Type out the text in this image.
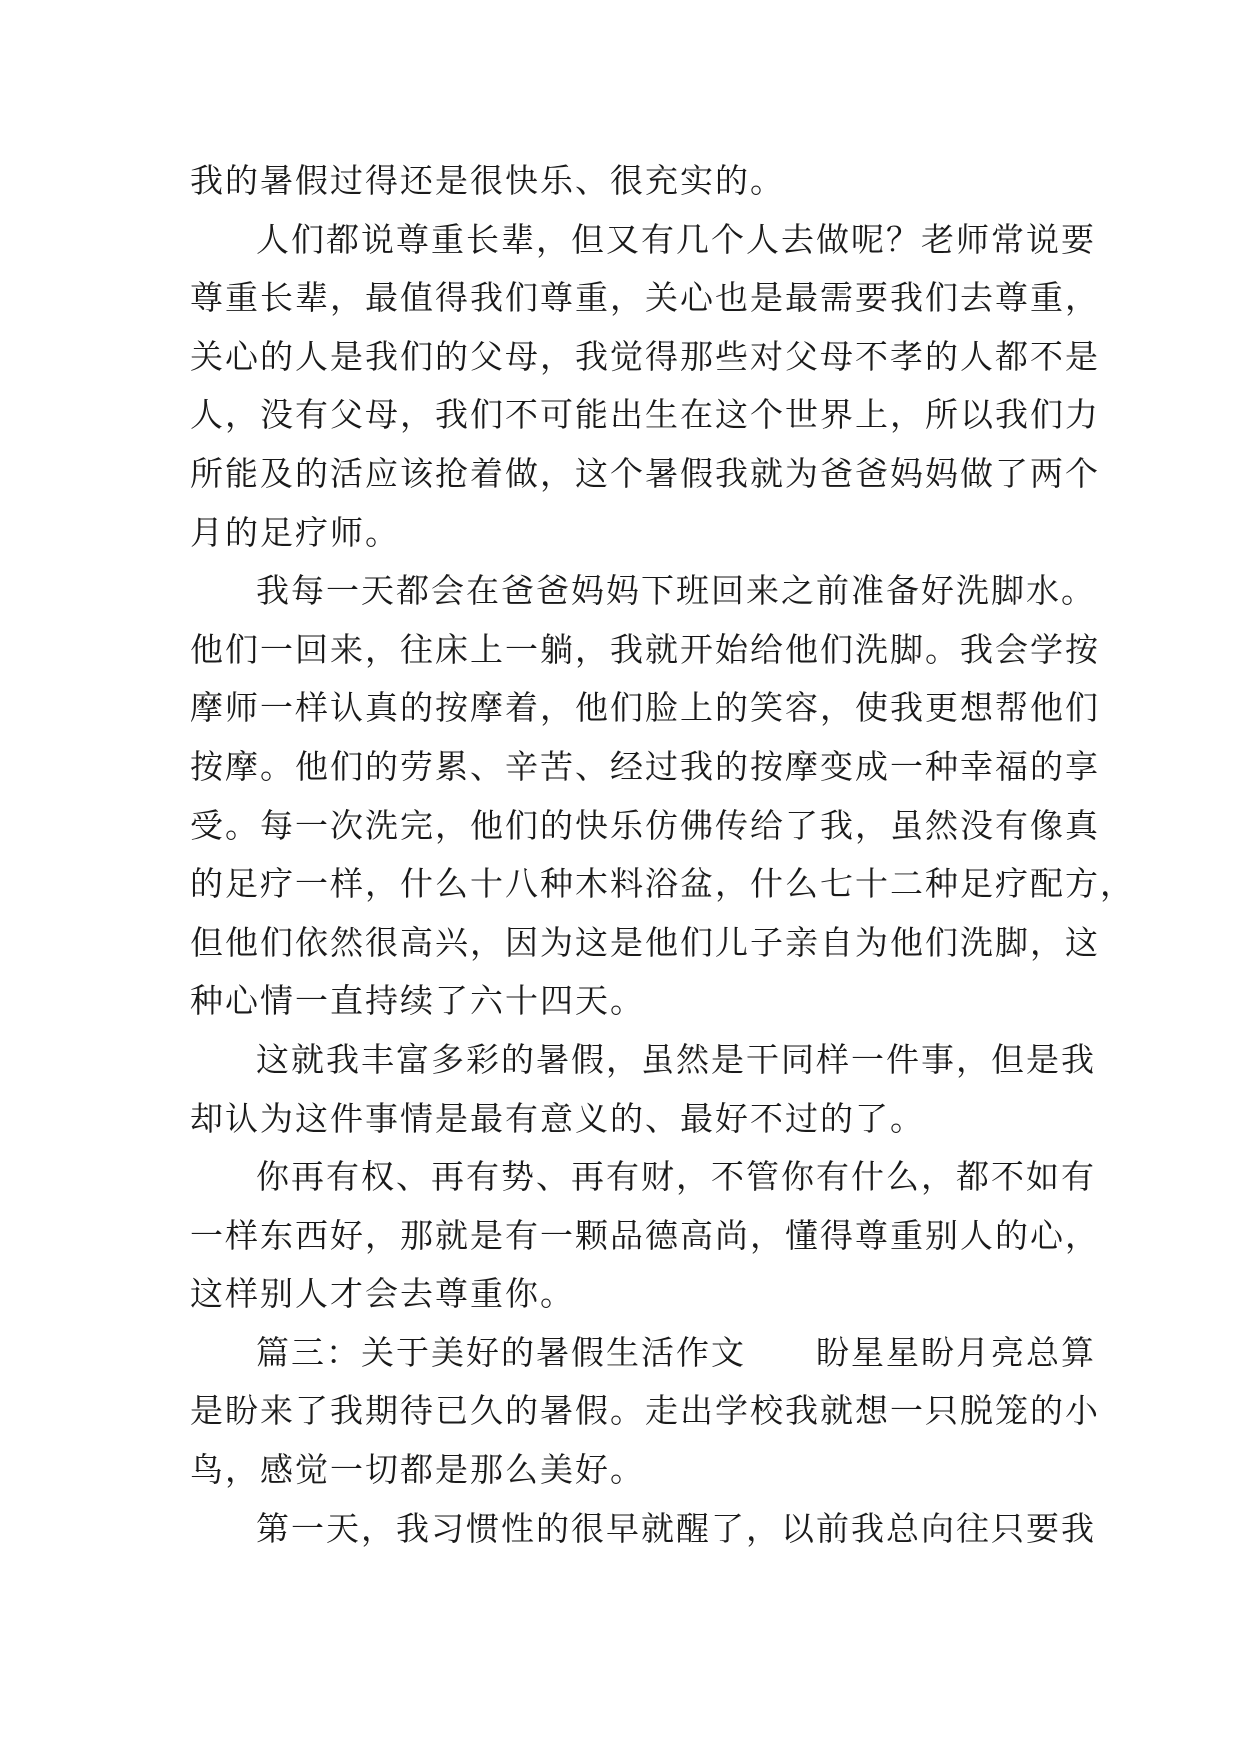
我的暑假过得还是很快乐、很充实的。
人们都说尊重长辈，但又有几个人去做呢？老师常说要
尊重长辈，最值得我们尊重，关心也是最需要我们去尊重，
关心的人是我们的父母，我觉得那些对父母不孝的人都不是
人，没有父母，我们不可能出生在这个世界上，所以我们力
所能及的活应该抢着做，这个暑假我就为爸爸妈妈做了两个
月的足疗师。
我每一天都会在爸爸妈妈下班回来之前准备好洗脚水。
他们一回来，往床上一躺，我就开始给他们洗脚。我会学按
摩师一样认真的按摩着，他们脸上的笑容，使我更想帮他们
按摩。他们的劳累、辛苦、经过我的按摩变成一种幸福的享
受。每一次洗完，他们的快乐仿佛传给了我，虽然没有像真
的足疗一样，什么十八种木料浴盆，什么七十二种足疗配方，
但他们依然很高兴，因为这是他们儿子亲自为他们洗脚，这
种心情一直持续了六十四天。
这就我丰富多彩的暑假，虽然是干同样一件事，但是我
却认为这件事情是最有意义的、最好不过的了。
你再有权、再有势、再有财，不管你有什么，都不如有
一样东西好，那就是有一颗品德高尚，懂得尊重别人的心，
这样别人才会去尊重你。
篇三：关于美好的暑假生活作文　　盼星星盼月亮总算
是盼来了我期待已久的暑假。走出学校我就想一只脱笼的小
鸟，感觉一切都是那么美好。
第一天，我习惯性的很早就醒了，以前我总向往只要我
